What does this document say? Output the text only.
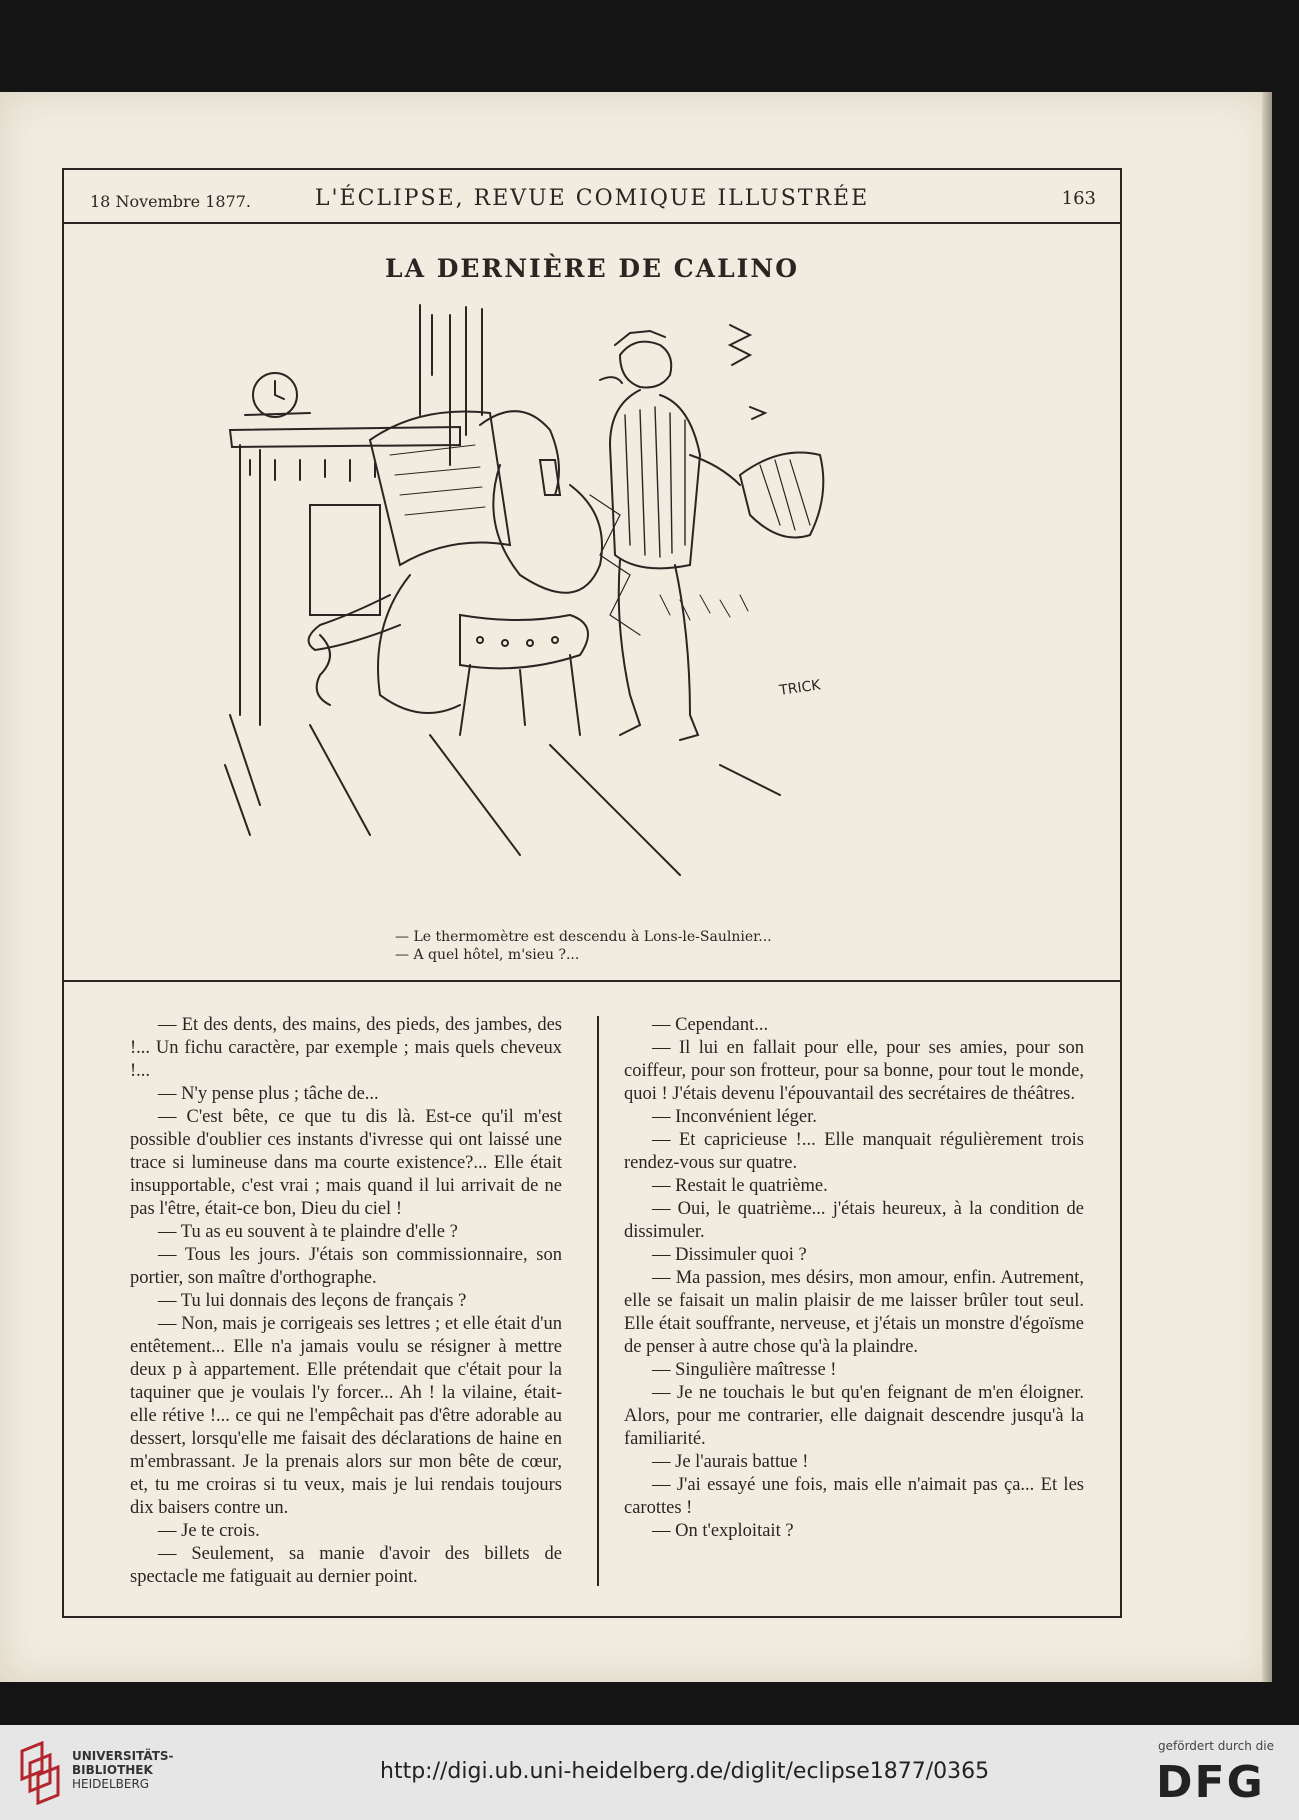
18 Novembre 1877.	L'ÉCLIPSE, REVUE COMIQUE ILLUSTRÉE	163
LA DERNIÈRE DE CALINO
TRICK

— Le thermomètre est descendu à Lons-le-Saulnier...

— A quel hôtel, m'sieu ?...

— Et des dents, des mains, des pieds, des jambes, des !... Un fichu caractère, par exemple ; mais quels cheveux !...

— N'y pense plus ; tâche de...

— C'est bête, ce que tu dis là. Est-ce qu'il m'est possible d'oublier ces instants d'ivresse qui ont laissé une trace si lumineuse dans ma courte existence?... Elle était insupportable, c'est vrai ; mais quand il lui arrivait de ne pas l'être, était-ce bon, Dieu du ciel !

— Tu as eu souvent à te plaindre d'elle ?

— Tous les jours. J'étais son commissionnaire, son portier, son maître d'orthographe.

— Tu lui donnais des leçons de français ?

— Non, mais je corrigeais ses lettres ; et elle était d'un entêtement... Elle n'a jamais voulu se résigner à mettre deux p à appartement. Elle prétendait que c'était pour la taquiner que je voulais l'y forcer... Ah ! la vilaine, était-elle rétive !... ce qui ne l'empêchait pas d'être adorable au dessert, lorsqu'elle me faisait des déclarations de haine en m'embrassant. Je la prenais alors sur mon bête de cœur, et, tu me croiras si tu veux, mais je lui rendais toujours dix baisers contre un.

— Je te crois.

— Seulement, sa manie d'avoir des billets de spectacle me fatiguait au dernier point.

— Cependant...

— Il lui en fallait pour elle, pour ses amies, pour son coiffeur, pour son frotteur, pour sa bonne, pour tout le monde, quoi ! J'étais devenu l'épouvantail des secrétaires de théâtres.

— Inconvénient léger.

— Et capricieuse !... Elle manquait régulièrement trois rendez-vous sur quatre.

— Restait le quatrième.

— Oui, le quatrième... j'étais heureux, à la condition de dissimuler.

— Dissimuler quoi ?

— Ma passion, mes désirs, mon amour, enfin. Autrement, elle se faisait un malin plaisir de me laisser brûler tout seul. Elle était souffrante, nerveuse, et j'étais un monstre d'égoïsme de penser à autre chose qu'à la plaindre.

— Singulière maîtresse !

— Je ne touchais le but qu'en feignant de m'en éloigner. Alors, pour me contrarier, elle daignait descendre jusqu'à la familiarité.

— Je l'aurais battue !

— J'ai essayé une fois, mais elle n'aimait pas ça... Et les carottes !

— On t'exploitait ?

UNIVERSITÄTS-
BIBLIOTHEK
HEIDELBERG	http://digi.ub.uni-heidelberg.de/diglit/eclipse1877/0365
gefördert durch die
DFG
